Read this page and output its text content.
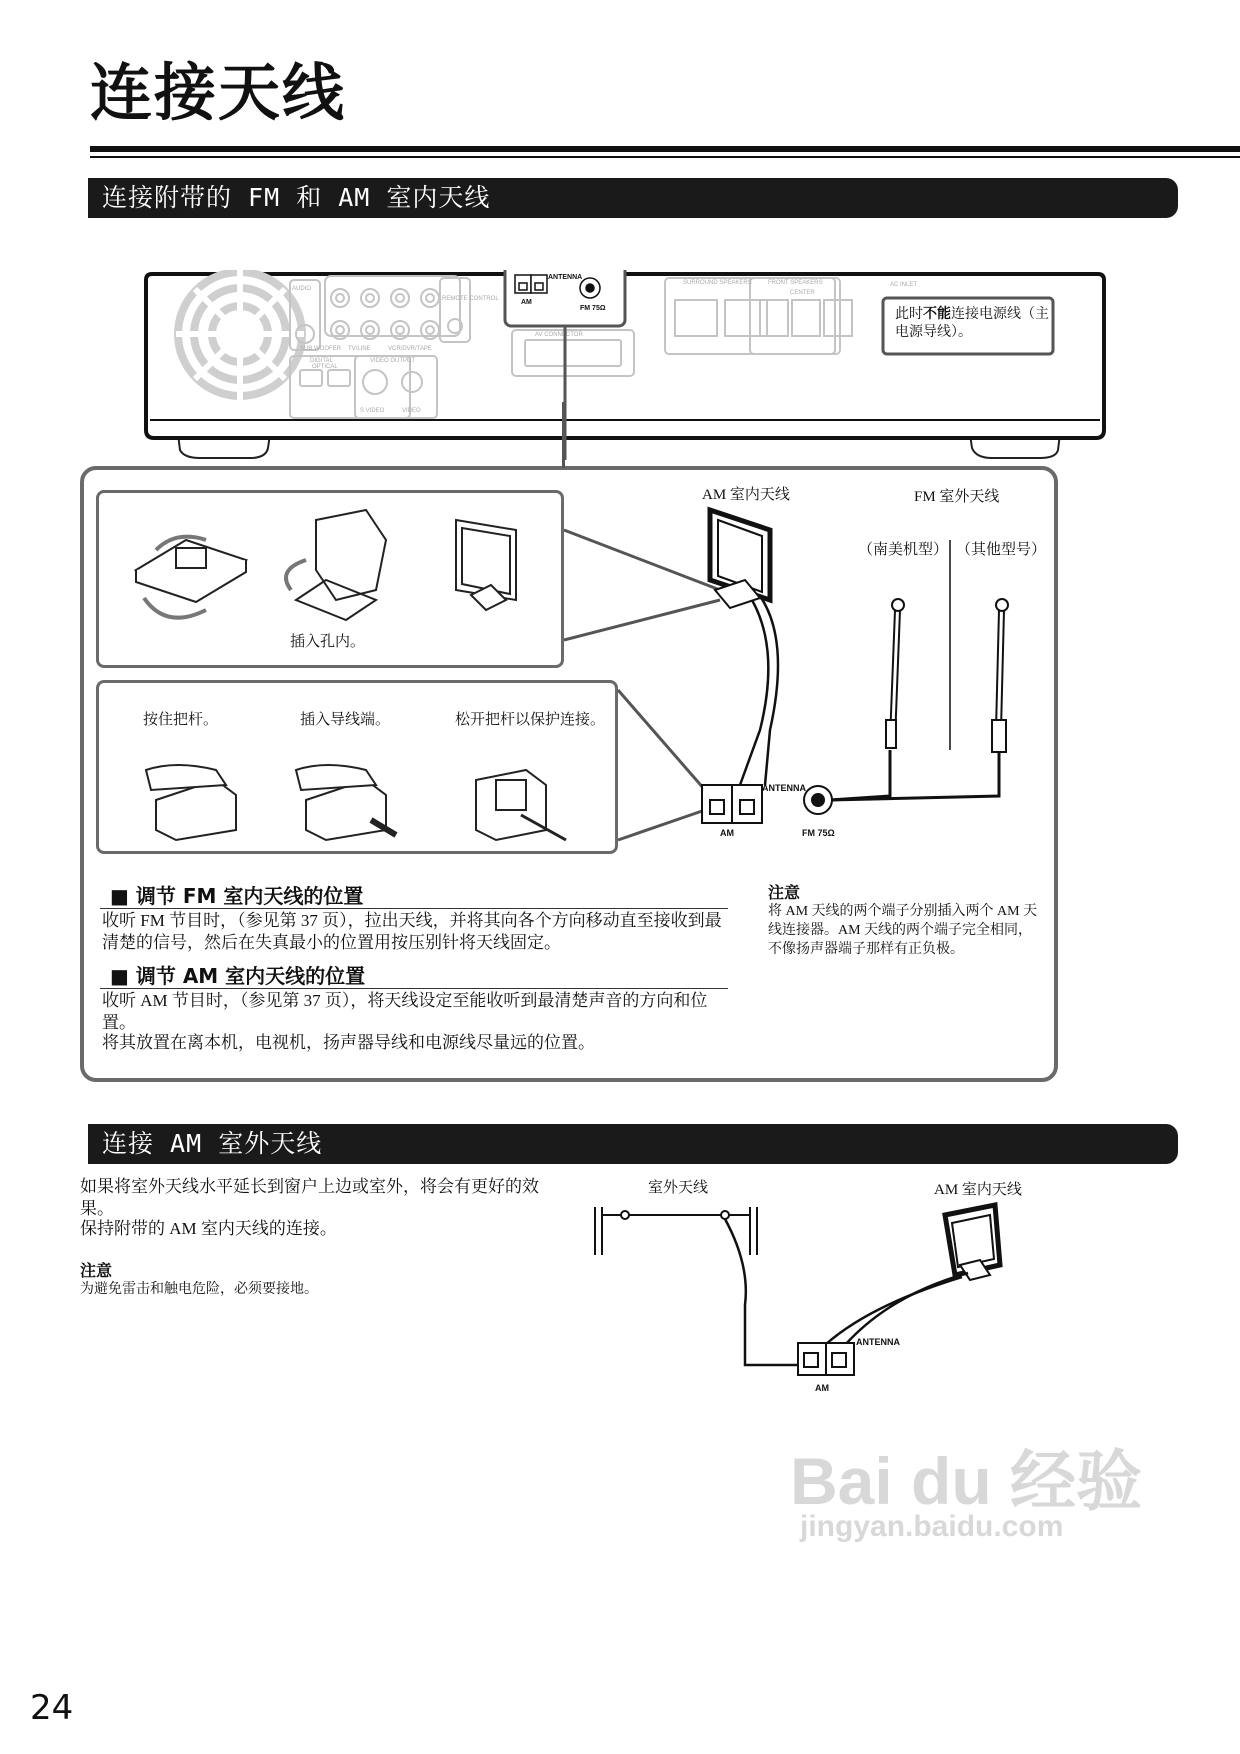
连接天线
连接附带的 FM 和 AM 室内天线
AUDIO
SUB WOOFER TV/LINE	VCR/DVR/TAPE
DIGITAL
OPTICAL
VIDEO OUTPUT
S VIDEO	VIDEO
REMOTE CONTROL
AV CONNECTOR
SURROUND SPEAKERS	FRONT SPEAKERS
CENTER
AC INLET
ANTENNA
AM
FM 75Ω	此时不能连接电源线（主电源导线）。
插入孔内。
按住把杆。	插入导线端。	松开把杆以保护连接。
AM 室内天线	FM 室外天线
（南美机型） （其他型号）
ANTENNA
AM	FM 75Ω
■ 调节 FM 室内天线的位置
收听 FM 节目时，（参见第 37 页），拉出天线，并将其向各个方向移动直至接收到最清楚的信号，然后在失真最小的位置用按压别针将天线固定。
■ 调节 AM 室内天线的位置
收听 AM 节目时，（参见第 37 页），将天线设定至能收听到最清楚声音的方向和位置。
将其放置在离本机，电视机，扬声器导线和电源线尽量远的位置。
注意
将 AM 天线的两个端子分别插入两个 AM 天线连接器。AM 天线的两个端子完全相同，不像扬声器端子那样有正负极。
连接 AM 室外天线
如果将室外天线水平延长到窗户上边或室外，将会有更好的效果。
保持附带的 AM 室内天线的连接。
注意
为避免雷击和触电危险，必须要接地。
室外天线	AM 室内天线
ANTENNA
AM
Bai du 经验
jingyan.baidu.com
24
